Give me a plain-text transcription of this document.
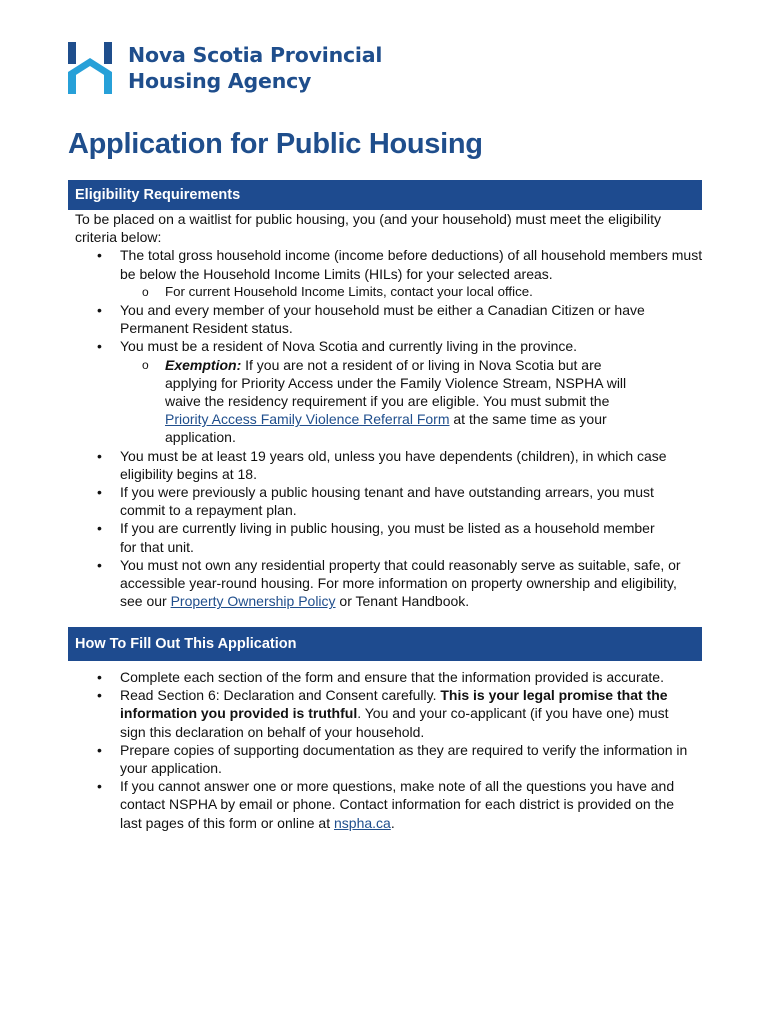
Nova Scotia Provincial
Housing Agency
Application for Public Housing
Eligibility Requirements

To be placed on a waitlist for public housing, you (and your household) must meet the eligibility criteria below:

• The total gross household income (income before deductions) of all household members must be below the Household Income Limits (HILs) for your selected areas.
o For current Household Income Limits, contact your local office.
• You and every member of your household must be either a Canadian Citizen or have Permanent Resident status.
• You must be a resident of Nova Scotia and currently living in the province.
o Exemption: If you are not a resident of or living in Nova Scotia but are applying for Priority Access under the Family Violence Stream, NSPHA will waive the residency requirement if you are eligible. You must submit the Priority Access Family Violence Referral Form at the same time as your application.
• You must be at least 19 years old, unless you have dependents (children), in which case eligibility begins at 18.
• If you were previously a public housing tenant and have outstanding arrears, you must commit to a repayment plan.
• If you are currently living in public housing, you must be listed as a household member for that unit.
• You must not own any residential property that could reasonably serve as suitable, safe, or accessible year-round housing. For more information on property ownership and eligibility, see our Property Ownership Policy or Tenant Handbook.
How To Fill Out This Application
• Complete each section of the form and ensure that the information provided is accurate.
• Read Section 6: Declaration and Consent carefully. This is your legal promise that the information you provided is truthful. You and your co-applicant (if you have one) must sign this declaration on behalf of your household.
• Prepare copies of supporting documentation as they are required to verify the information in your application.
• If you cannot answer one or more questions, make note of all the questions you have and contact NSPHA by email or phone. Contact information for each district is provided on the last pages of this form or online at nspha.ca.
